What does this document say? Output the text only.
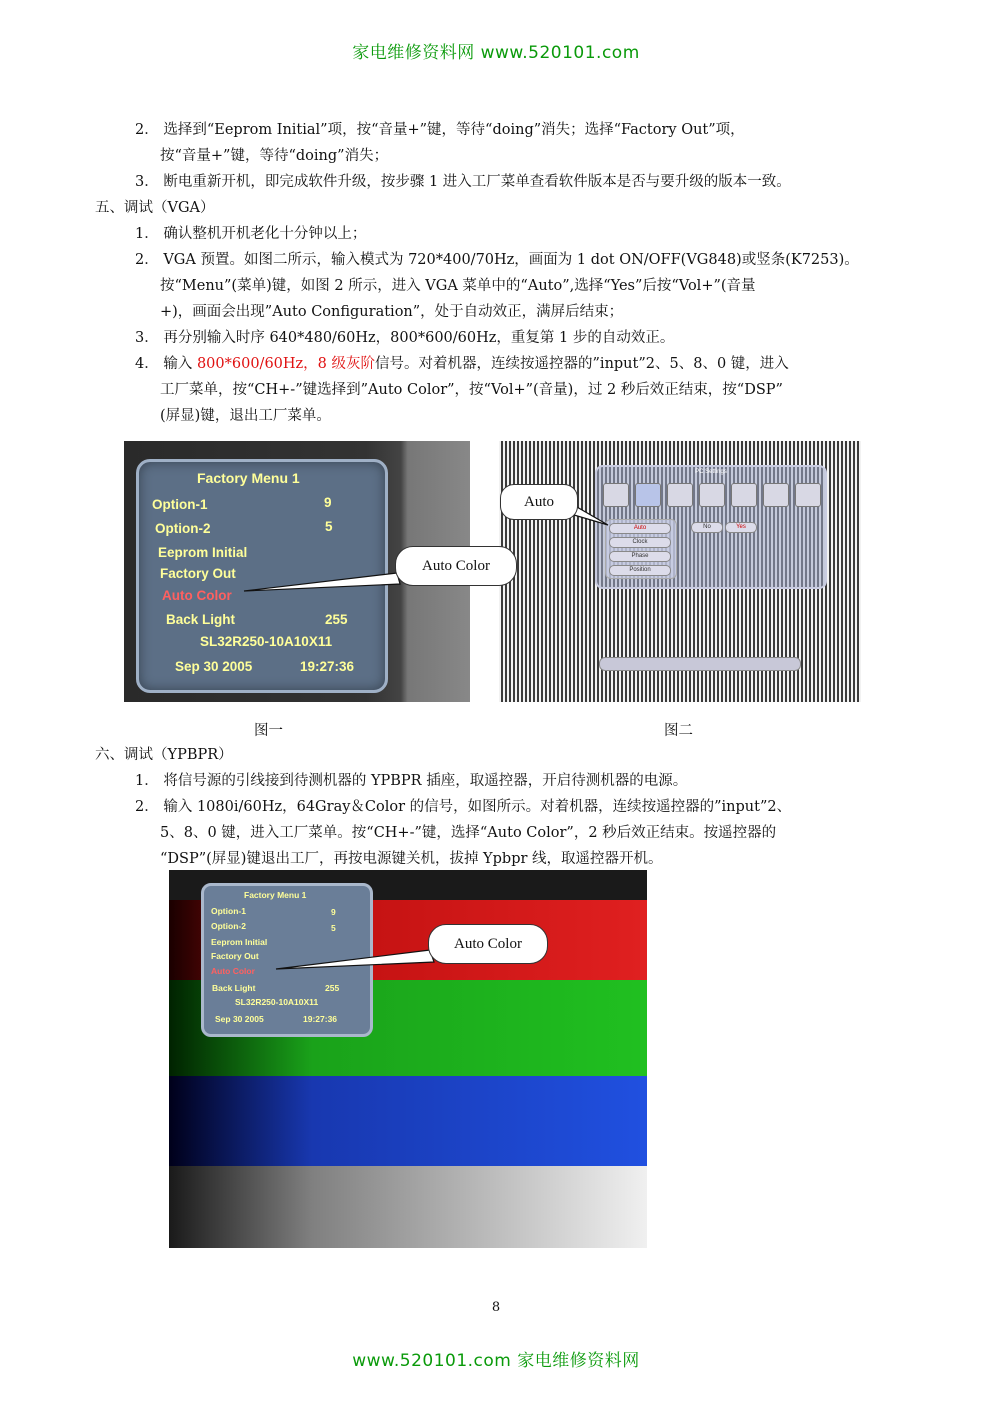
家电维修资料网 www.520101.com
2． 选择到“Eeprom Initial”项，按“音量+”键，等待“doing”消失；选择“Factory Out”项，
按“音量+”键，等待“doing”消失；
3． 断电重新开机，即完成软件升级，按步骤 1 进入工厂菜单查看软件版本是否与要升级的版本一致。
五、调试（VGA）
1． 确认整机开机老化十分钟以上；
2． VGA 预置。如图二所示，输入模式为 720*400/70Hz，画面为 1 dot ON/OFF(VG848)或竖条(K7253)。
按“Menu”(菜单)键，如图 2 所示，进入 VGA 菜单中的“Auto”,选择“Yes”后按“Vol+”(音量
+)，画面会出现”Auto Configuration”，处于自动效正，满屏后结束；
3． 再分别输入时序 640*480/60Hz，800*600/60Hz，重复第 1 步的自动效正。
4． 输入 800*600/60Hz，8 级灰阶信号。对着机器，连续按遥控器的”input”2、5、8、0 键，进入
工厂菜单，按“CH+-”键选择到”Auto Color”，按“Vol+”(音量)，过 2 秒后效正结束，按“DSP”
(屏显)键，退出工厂菜单。
Factory Menu 1
Option-1	9
Option-2	5
Eeprom Initial
Factory Out
Auto Color
Back Light	255
SL32R250-10A10X11
Sep 30 2005	19:27:36
PC Settings
Auto
Clock
Phase
Position
No	Yes
Auto Color
Auto
图一	图二
六、调试（YPBPR）
1． 将信号源的引线接到待测机器的 YPBPR 插座，取遥控器，开启待测机器的电源。
2． 输入 1080i/60Hz，64Gray＆Color 的信号，如图所示。对着机器，连续按遥控器的”input”2、
5、8、0 键，进入工厂菜单。按“CH+-”键，选择“Auto Color”，2 秒后效正结束。按遥控器的
“DSP”(屏显)键退出工厂，再按电源键关机，拔掉 Ypbpr 线，取遥控器开机。
Factory Menu 1
Option-1	9
Option-2	5
Eeprom Initial
Factory Out
Auto Color
Back Light	255
SL32R250-10A10X11
Sep 30 2005	19:27:36
Auto Color
8
www.520101.com 家电维修资料网
